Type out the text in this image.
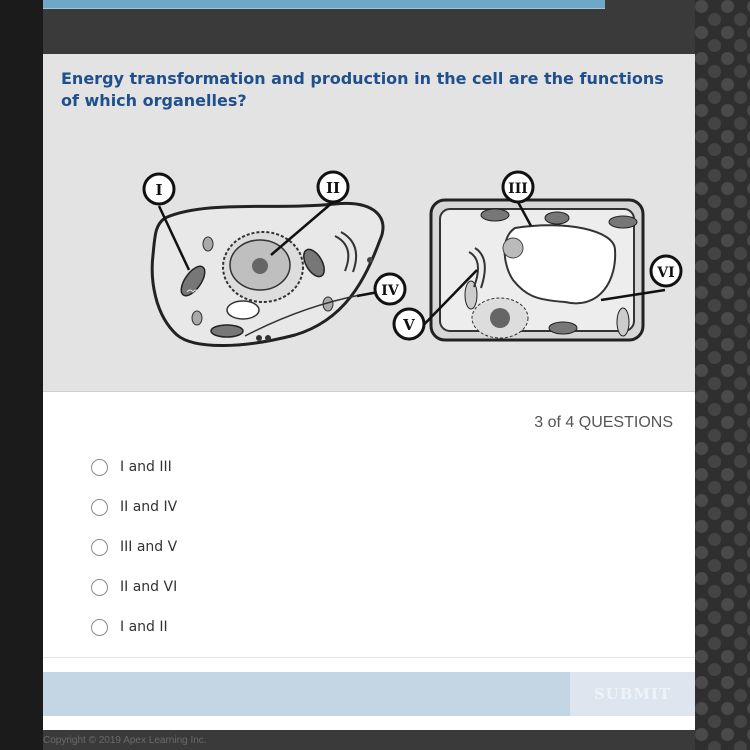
Energy transformation and production in the cell are the functions of which organelles?
I	II	III
IV
V
VI
3 of 4 QUESTIONS
I and III
II and IV
III and V
II and VI
I and II
SUBMIT
Copyright © 2019 Apex Learning Inc.
